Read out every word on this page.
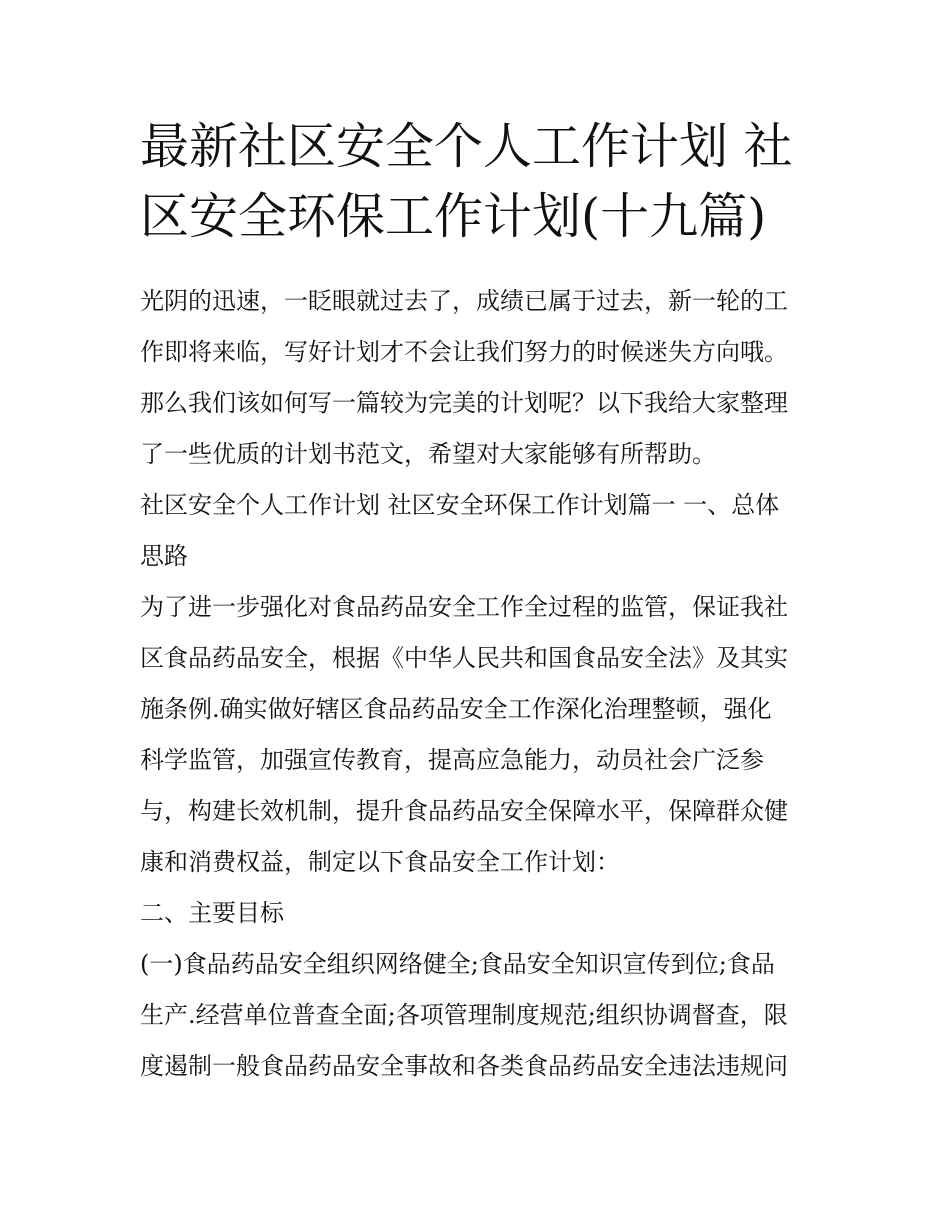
最新社区安全个人工作计划 社
区安全环保工作计划(十九篇)

光阴的迅速，一眨眼就过去了，成绩已属于过去，新一轮的工

作即将来临，写好计划才不会让我们努力的时候迷失方向哦。

那么我们该如何写一篇较为完美的计划呢？以下我给大家整理

了一些优质的计划书范文，希望对大家能够有所帮助。

社区安全个人工作计划 社区安全环保工作计划篇一 一、总体

思路

为了进一步强化对食品药品安全工作全过程的监管，保证我社

区食品药品安全，根据《中华人民共和国食品安全法》及其实

施条例.确实做好辖区食品药品安全工作深化治理整顿，强化

科学监管，加强宣传教育，提高应急能力，动员社会广泛参

与，构建长效机制，提升食品药品安全保障水平，保障群众健

康和消费权益，制定以下食品安全工作计划：

二、主要目标

(一)食品药品安全组织网络健全;食品安全知识宣传到位;食品

生产.经营单位普查全面;各项管理制度规范;组织协调督查，限

度遏制一般食品药品安全事故和各类食品药品安全违法违规问
